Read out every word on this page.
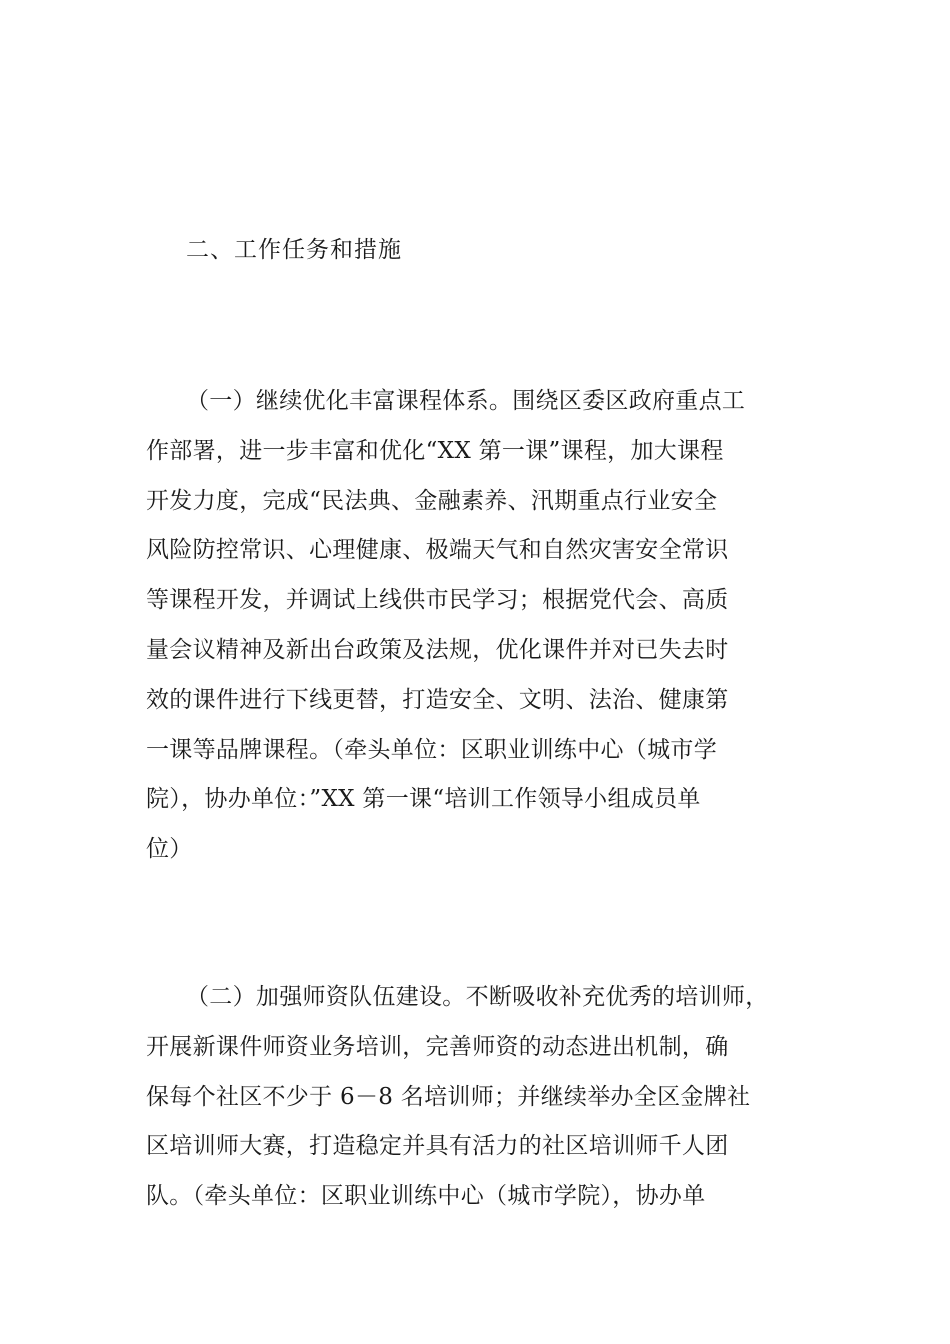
二、工作任务和措施
（一）继续优化丰富课程体系。围绕区委区政府重点工
作部署，进一步丰富和优化“XX 第一课”课程，加大课程
开发力度，完成“民法典、金融素养、汛期重点行业安全
风险防控常识、心理健康、极端天气和自然灾害安全常识
等课程开发，并调试上线供市民学习；根据党代会、高质
量会议精神及新出台政策及法规，优化课件并对已失去时
效的课件进行下线更替，打造安全、文明、法治、健康第
一课等品牌课程。（牵头单位：区职业训练中心（城市学
院），协办单位：”XX 第一课“培训工作领导小组成员单
位）
（二）加强师资队伍建设。不断吸收补充优秀的培训师，
开展新课件师资业务培训，完善师资的动态进出机制，确
保每个社区不少于 6－8 名培训师；并继续举办全区金牌社
区培训师大赛，打造稳定并具有活力的社区培训师千人团
队。（牵头单位：区职业训练中心（城市学院），协办单
